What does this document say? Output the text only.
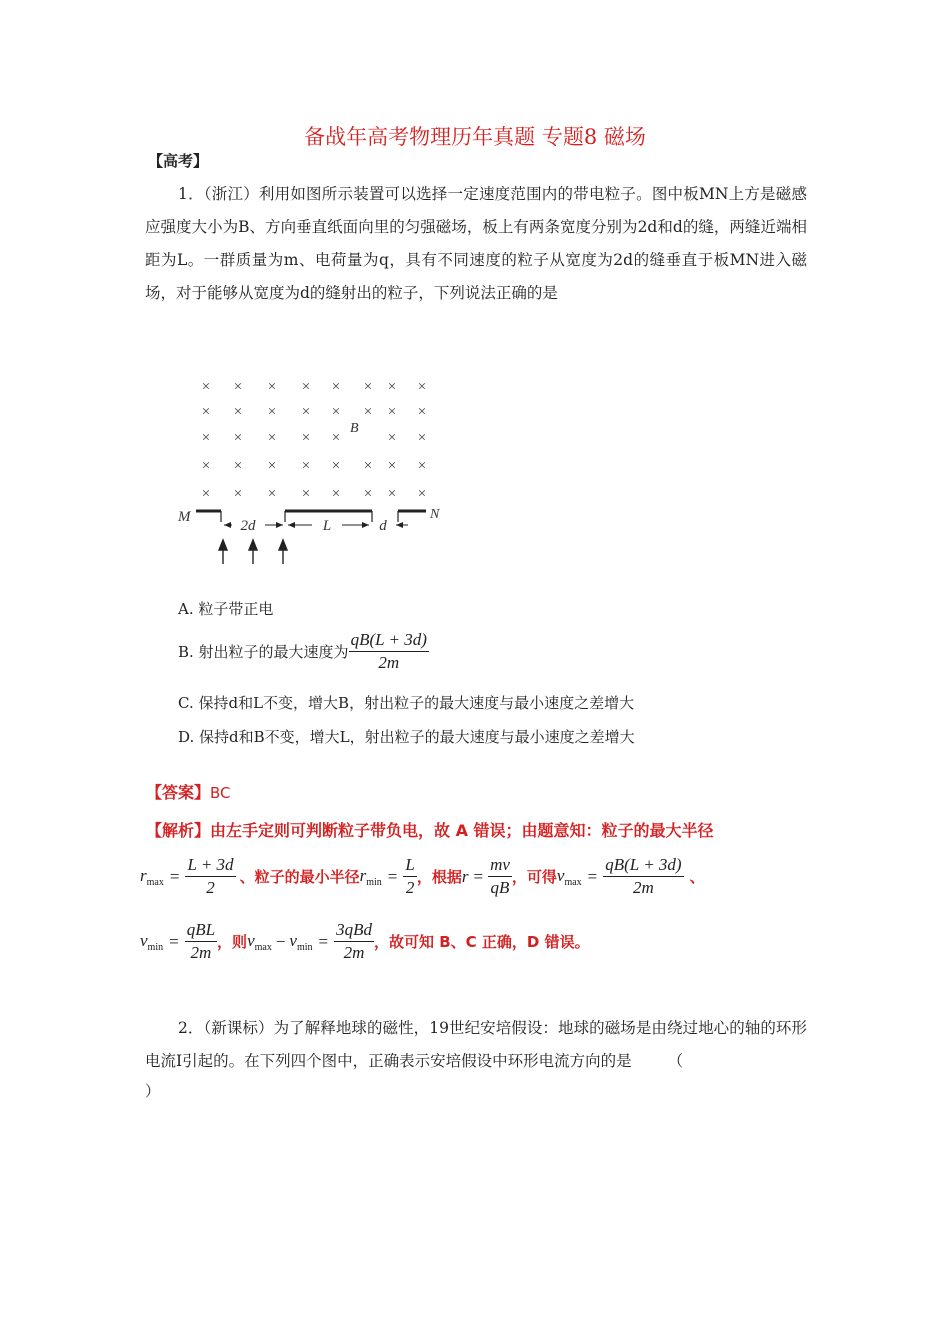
备战年高考物理历年真题 专题8 磁场
【高考】
1．（浙江）利用如图所示装置可以选择一定速度范围内的带电粒子。图中板MN上方是磁感应强度大小为B、方向垂直纸面向里的匀强磁场，板上有两条宽度分别为2d和d的缝，两缝近端相距为L。一群质量为m、电荷量为q，具有不同速度的粒子从宽度为2d的缝垂直于板MN进入磁场，对于能够从宽度为d的缝射出的粒子，下列说法正确的是
× × × × × × × ×
× × × × × × × ×
× × × × ×	× ×
× × × × × × × ×
× × × × × × × ×
B
M	N
2d	L	d
A. 粒子带正电
B. 射出粒子的最大速度为 $\frac{qB(L + 3d)}{2m}$
C. 保持d和L不变，增大B，射出粒子的最大速度与最小速度之差增大
D. 保持d和B不变，增大L，射出粒子的最大速度与最小速度之差增大
【答案】BC
【解析】由左手定则可判断粒子带负电，故 A 错误；由题意知：粒子的最大半径
$r_{max} = \frac{L + 3d}{2}$ 、粒子的最小半径 $r_{min} = \frac{L}{2}$ ，根据 $r = \frac{mv}{qB}$ ，可得 $v_{max} = \frac{qB(L + 3d)}{2m}$ 、
$v_{min} = \frac{\text{qBL}}{2m}$ ，则 $v_{max} - v_{min} = \frac{\text{3qBd}}{2m}$ ，故可知 B、C 正确，D 错误。
2．（新课标）为了解释地球的磁性，19世纪安培假设：地球的磁场是由绕过地心的轴的环形电流I引起的。在下列四个图中，正确表示安培假设中环形电流方向的是 （
）
